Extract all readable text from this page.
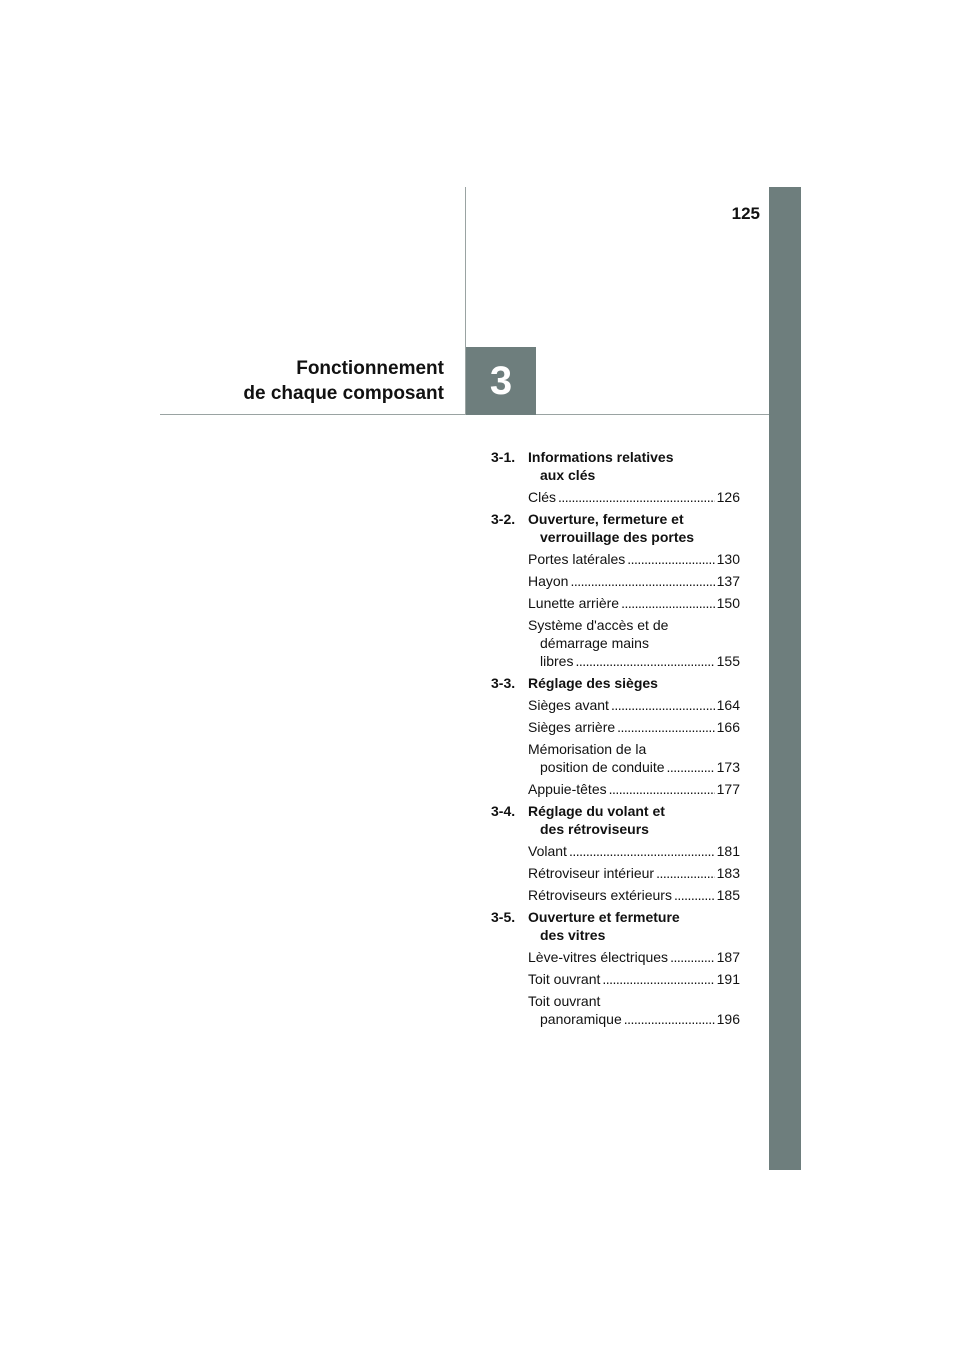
125
Fonctionnement
de chaque composant 3
3-1. Informations relatives
aux clés
Clés . . .	126
3-2. Ouverture, fermeture et
verrouillage des portes
Portes latérales . . .	130
Hayon . . .	137
Lunette arrière . . .	150
Système d'accès et de
démarrage mains
libres . . .	155
3-3. Réglage des sièges
Sièges avant . . .	164
Sièges arrière . . .	166
Mémorisation de la
position de conduite . . .	173
Appuie-têtes . . .	177
3-4. Réglage du volant et
des rétroviseurs
Volant . . .	181
Rétroviseur intérieur . . .	183
Rétroviseurs extérieurs . . .	185
3-5. Ouverture et fermeture
des vitres
Lève-vitres électriques . . .	187
Toit ouvrant . . .	191
Toit ouvrant
panoramique . . .	196
